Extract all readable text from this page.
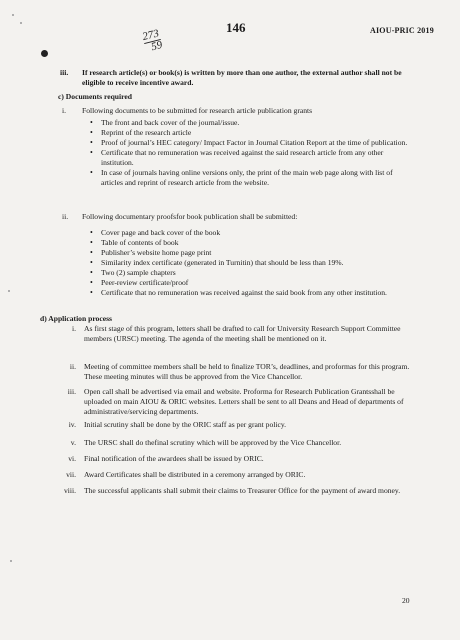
146	AIOU-PRIC 2019
273
59
iii.	If research article(s) or book(s) is written by more than one author, the external author shall not be eligible to receive incentive award.
c) Documents required
i.	Following documents to be submitted for research article publication grants
• The front and back cover of the journal/issue.
• Reprint of the research article
• Proof of journal’s HEC category/ Impact Factor in Journal Citation Report at the time of publication.
• Certificate that no remuneration was received against the said research article from any other institution.
• In case of journals having online versions only, the print of the main web page along with list of articles and reprint of research article from the website.
ii.	Following documentary proofsfor book publication shall be submitted:
• Cover page and back cover of the book
• Table of contents of book
• Publisher’s website home page print
• Similarity index certificate (generated in Turnitin) that should be less than 19%.
• Two (2) sample chapters
• Peer-review certificate/proof
• Certificate that no remuneration was received against the said book from any other institution.
d) Application process
i.	As first stage of this program, letters shall be drafted to call for University Research Support Committee members (URSC) meeting. The agenda of the meeting shall be mentioned on it.
ii.	Meeting of committee members shall be held to finalize TOR’s, deadlines, and proformas for this program. These meeting minutes will thus be approved from the Vice Chancellor.
iii.	Open call shall be advertised via email and website. Proforma for Research Publication Grantsshall be uploaded on main AIOU & ORIC websites. Letters shall be sent to all Deans and Head of departments of administrative/servicing departments.
iv.	Initial scrutiny shall be done by the ORIC staff as per grant policy.
v.	The URSC shall do thefinal scrutiny which will be approved by the Vice Chancellor.
vi.	Final notification of the awardees shall be issued by ORIC.
vii.	Award Certificates shall be distributed in a ceremony arranged by ORIC.
viii.	The successful applicants shall submit their claims to Treasurer Office for the payment of award money.
20
